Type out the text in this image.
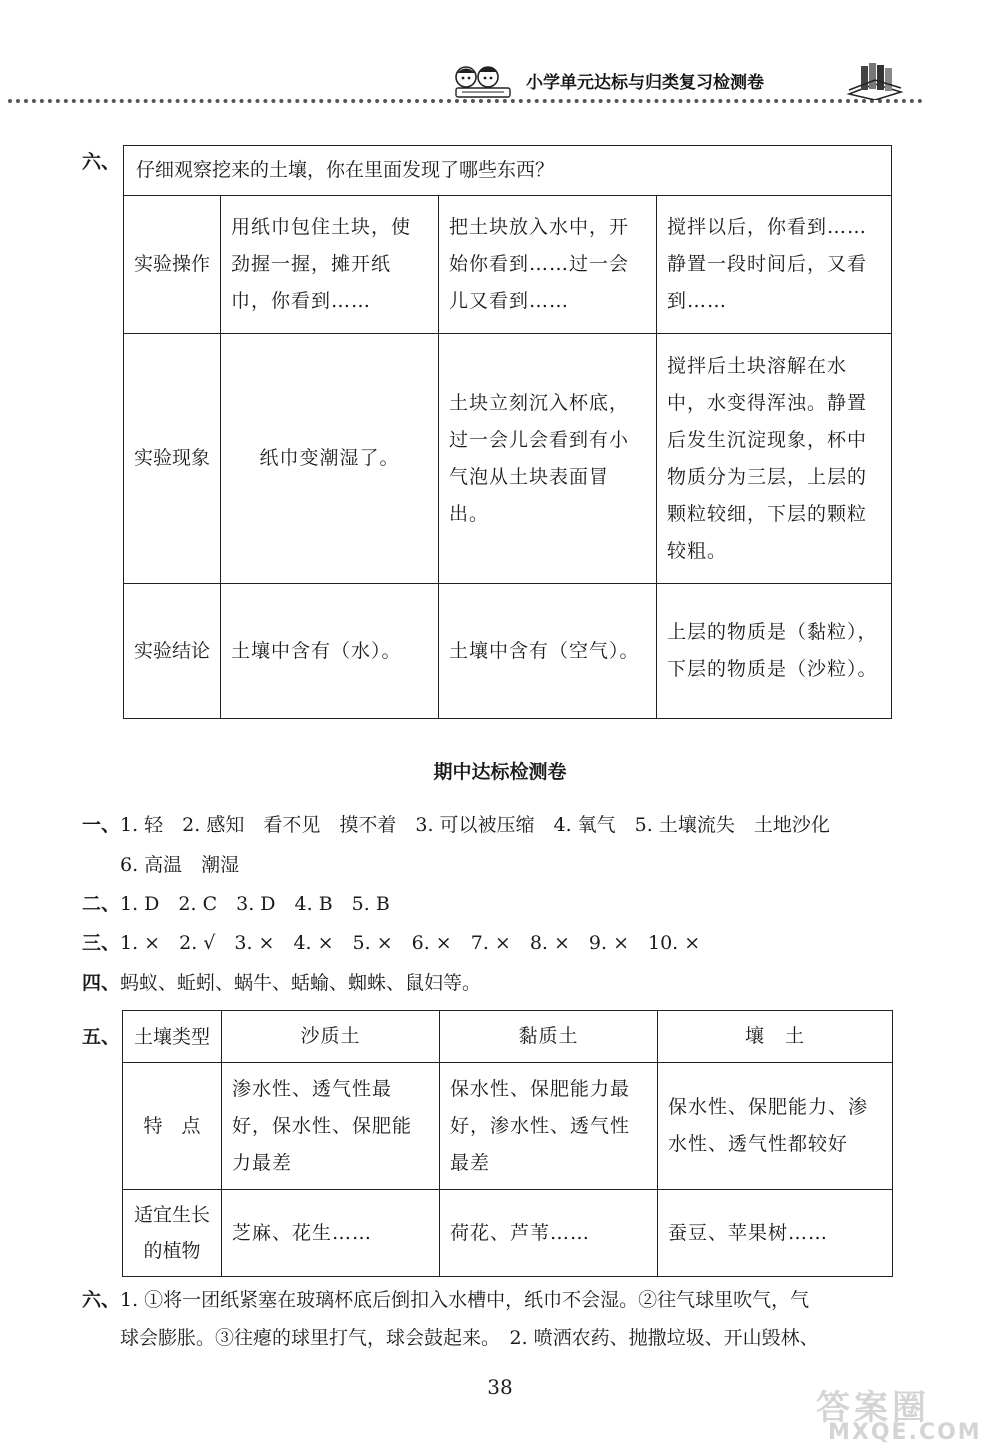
小学单元达标与归类复习检测卷
六、 仔细观察挖来的土壤，你在里面发现了哪些东西？			
实验操作	用纸巾包住土块，使劲握一握，摊开纸巾，你看到……	把土块放入水中，开始你看到……过一会儿又看到……	搅拌以后，你看到……静置一段时间后，又看到……
实验现象	纸巾变潮湿了。	土块立刻沉入杯底，过一会儿会看到有小气泡从土块表面冒出。	搅拌后土块溶解在水中，水变得浑浊。静置后发生沉淀现象，杯中物质分为三层，上层的颗粒较细，下层的颗粒较粗。
实验结论	土壤中含有（水）。	土壤中含有（空气）。	上层的物质是（黏粒），下层的物质是（沙粒）。
期中达标检测卷
一、1. 轻　2. 感知　看不见　摸不着　3. 可以被压缩　4. 氧气　5. 土壤流失　土地沙化
6. 高温　潮湿
二、1. D　2. C　3. D　4. B　5. B
三、1. ×　2. √　3. ×　4. ×　5. ×　6. ×　7. ×　8. ×　9. ×　10. ×
四、蚂蚁、蚯蚓、蜗牛、蛞蝓、蜘蛛、鼠妇等。
五、 土壤类型	沙质土	黏质土	壤　土
特　点	渗水性、透气性最好，保水性、保肥能力最差	保水性、保肥能力最好，渗水性、透气性最差	保水性、保肥能力、渗水性、透气性都较好
适宜生长的植物	芝麻、花生……	荷花、芦苇……	蚕豆、苹果树……
六、1. ①将一团纸紧塞在玻璃杯底后倒扣入水槽中，纸巾不会湿。②往气球里吹气，气
球会膨胀。③往瘪的球里打气，球会鼓起来。　2. 喷洒农药、抛撒垃圾、开山毁林、
38
答案圈
MXQE.COM
